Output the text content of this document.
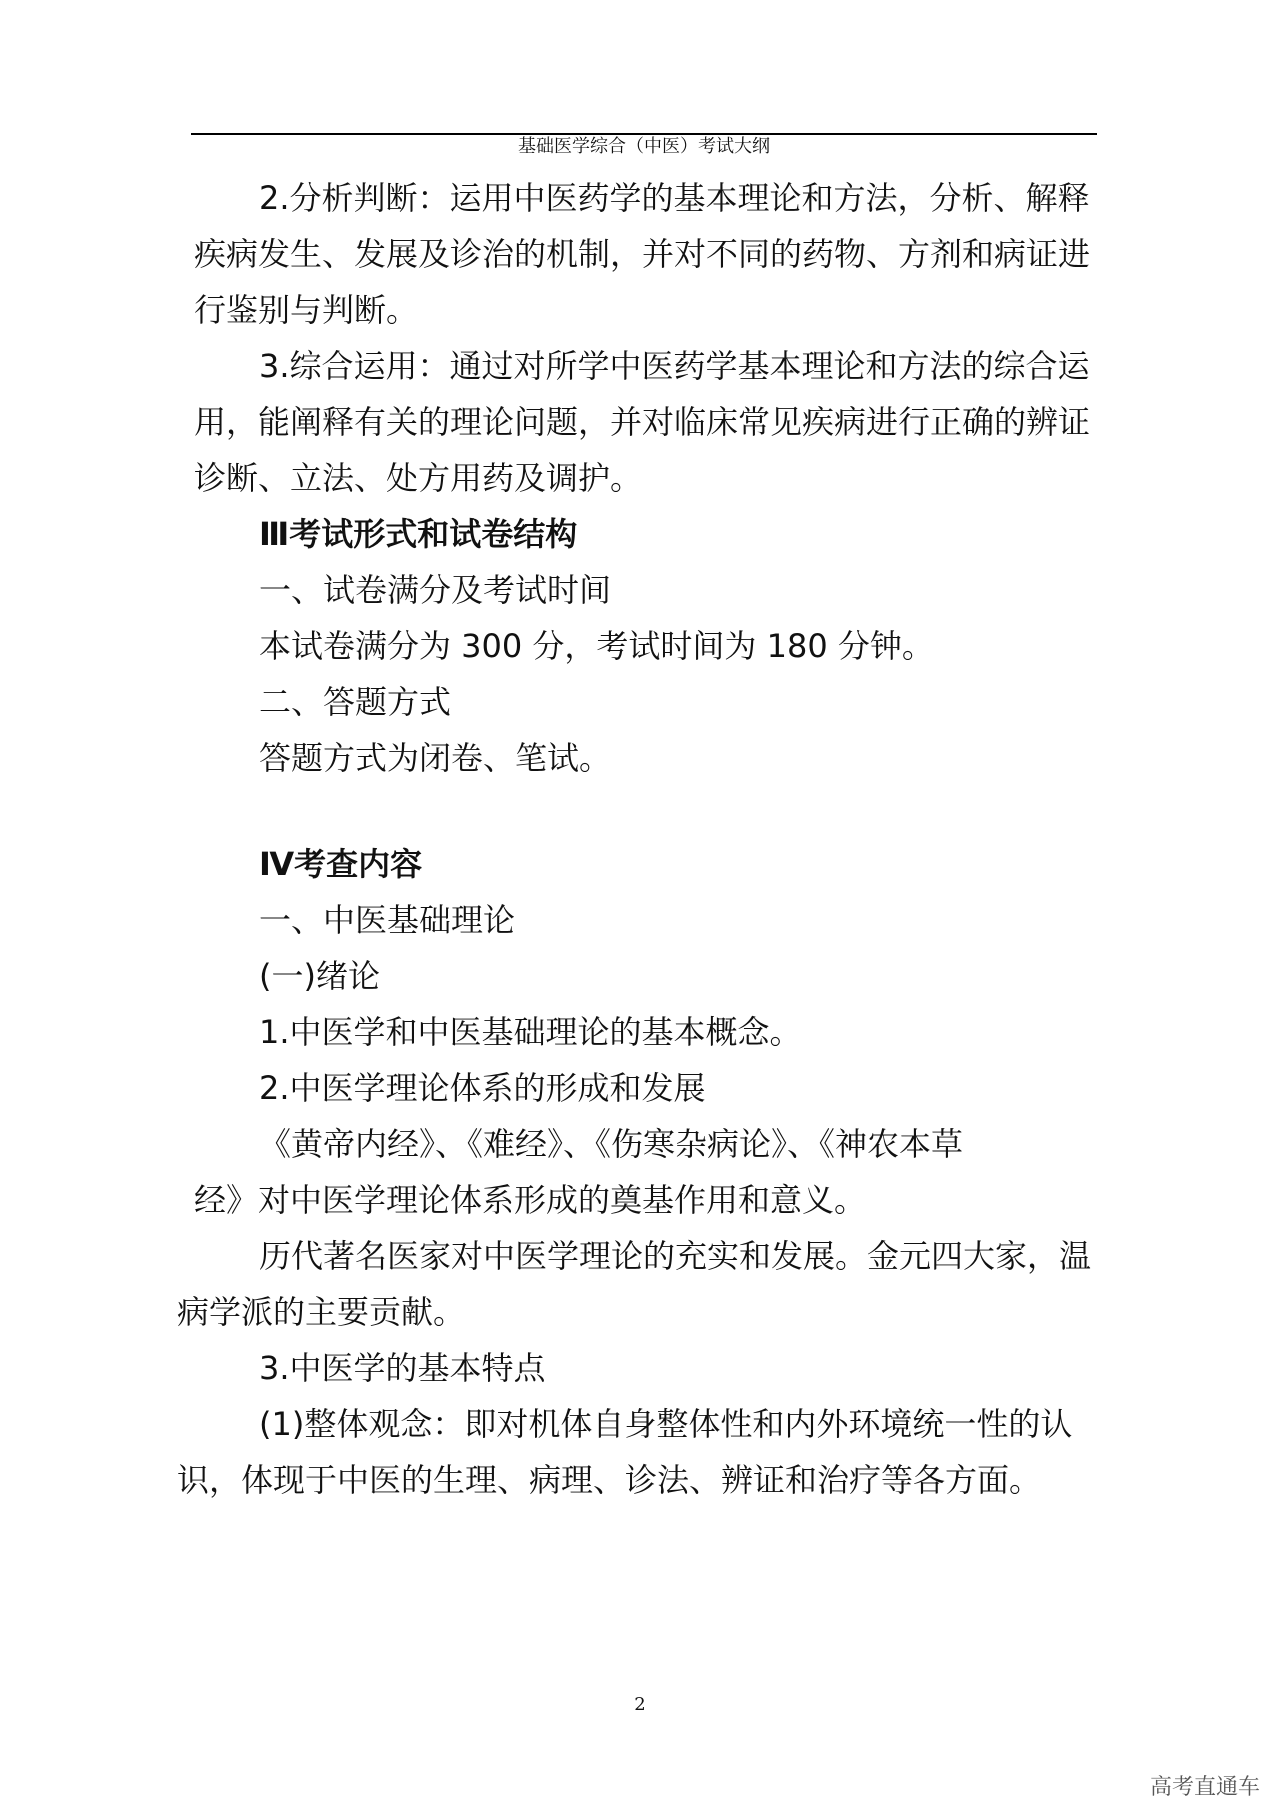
基础医学综合（中医）考试大纲
2.分析判断：运用中医药学的基本理论和方法，分析、解释
疾病发生、发展及诊治的机制，并对不同的药物、方剂和病证进
行鉴别与判断。
3.综合运用：通过对所学中医药学基本理论和方法的综合运
用，能阐释有关的理论问题，并对临床常见疾病进行正确的辨证
诊断、立法、处方用药及调护。
Ⅲ考试形式和试卷结构
一、试卷满分及考试时间
本试卷满分为 300 分，考试时间为 180 分钟。
二、答题方式
答题方式为闭卷、笔试。
Ⅳ考查内容
一、中医基础理论
(一)绪论
1.中医学和中医基础理论的基本概念。
2.中医学理论体系的形成和发展
《黄帝内经》、《难经》、《伤寒杂病论》、《神农本草
经》对中医学理论体系形成的奠基作用和意义。
历代著名医家对中医学理论的充实和发展。金元四大家，温
病学派的主要贡献。
3.中医学的基本特点
(1)整体观念：即对机体自身整体性和内外环境统一性的认
识，体现于中医的生理、病理、诊法、辨证和治疗等各方面。
2
高考直通车
